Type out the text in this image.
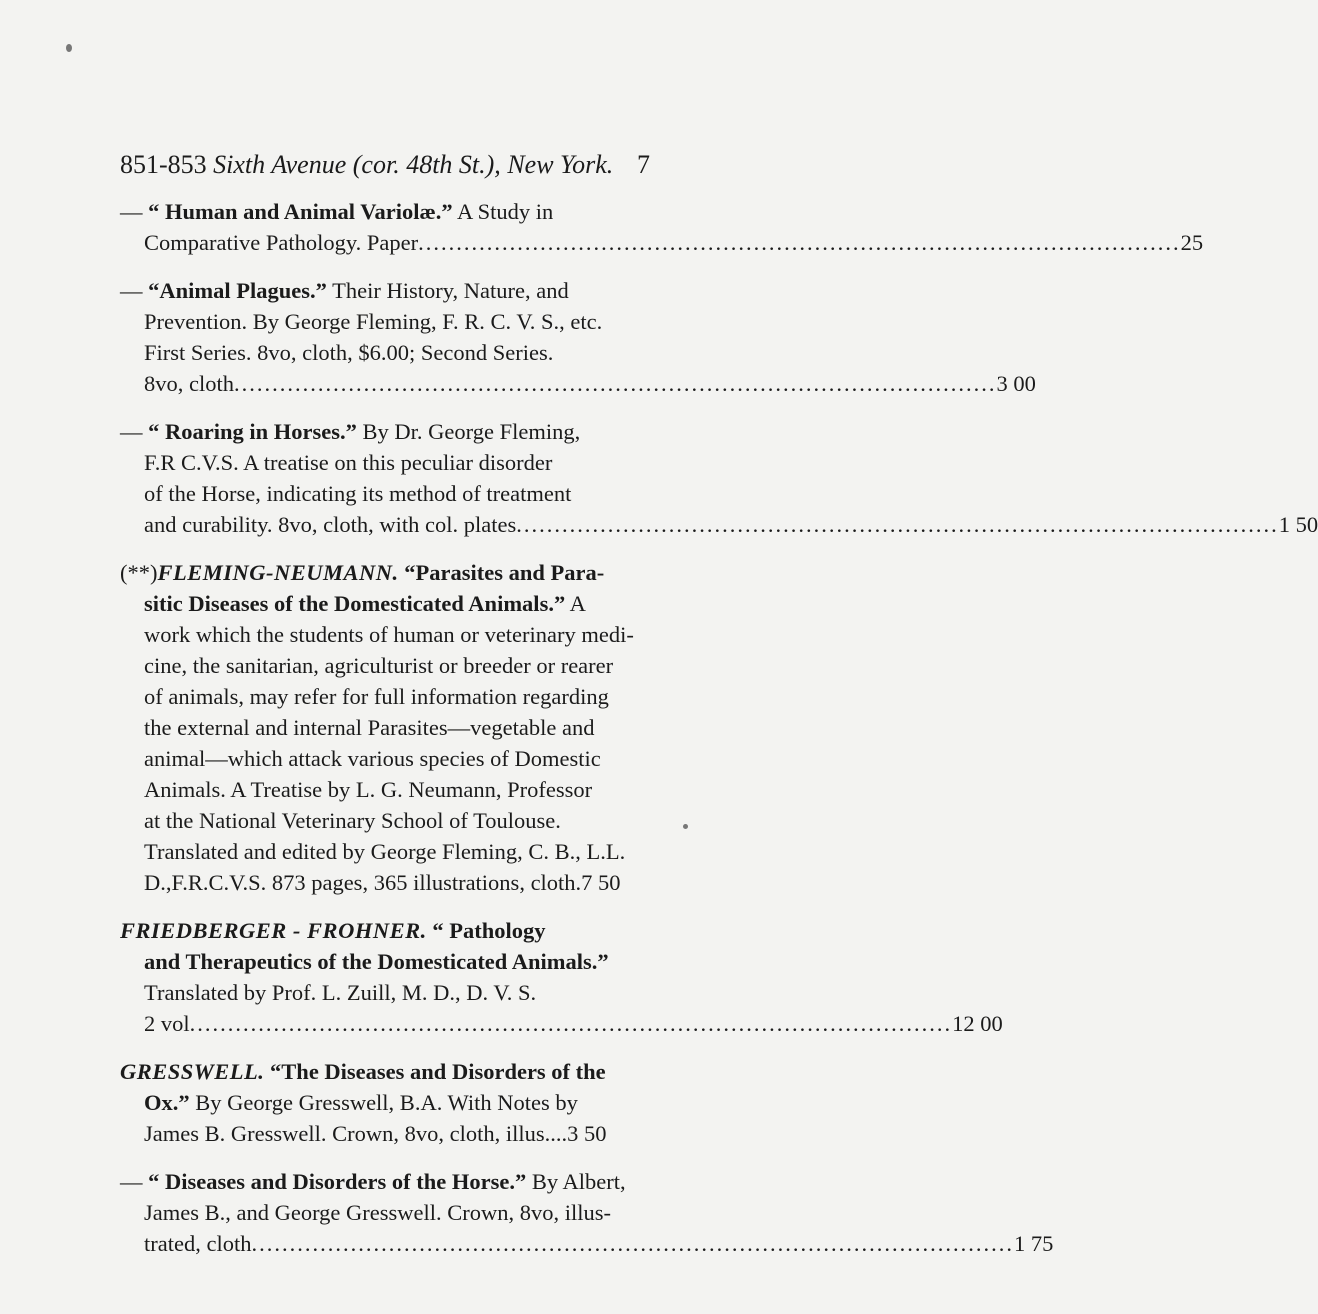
851-853 Sixth Avenue (cor. 48th St.), New York. 7
— “ Human and Animal Variolæ.” A Study in
Comparative Pathology. Paper .....	25
— “Animal Plagues.” Their History, Nature, and
Prevention. By George Fleming, F. R. C. V. S., etc.
First Series. 8vo, cloth, $6.00; Second Series.
8vo, cloth .....	3 00
— “ Roaring in Horses.” By Dr. George Fleming,
F.R C.V.S. A treatise on this peculiar disorder
of the Horse, indicating its method of treatment
and curability. 8vo, cloth, with col. plates .....	1 50
(**)FLEMING-NEUMANN. “Parasites and Para-
sitic Diseases of the Domesticated Animals.” A
work which the students of human or veterinary medi-
cine, the sanitarian, agriculturist or breeder or rearer
of animals, may refer for full information regarding
the external and internal Parasites—vegetable and
animal—which attack various species of Domestic
Animals. A Treatise by L. G. Neumann, Professor
at the National Veterinary School of Toulouse.
Translated and edited by George Fleming, C. B., L.L.
D.,F.R.C.V.S. 873 pages, 365 illustrations, cloth.7 50
FRIEDBERGER - FROHNER. “ Pathology
and Therapeutics of the Domesticated Animals.”
Translated by Prof. L. Zuill, M. D., D. V. S.
2 vol .....	12 00
GRESSWELL. “The Diseases and Disorders of the
Ox.” By George Gresswell, B.A. With Notes by
James B. Gresswell. Crown, 8vo, cloth, illus....3 50
— “ Diseases and Disorders of the Horse.” By Albert,
James B., and George Gresswell. Crown, 8vo, illus-
trated, cloth .....	1 75
